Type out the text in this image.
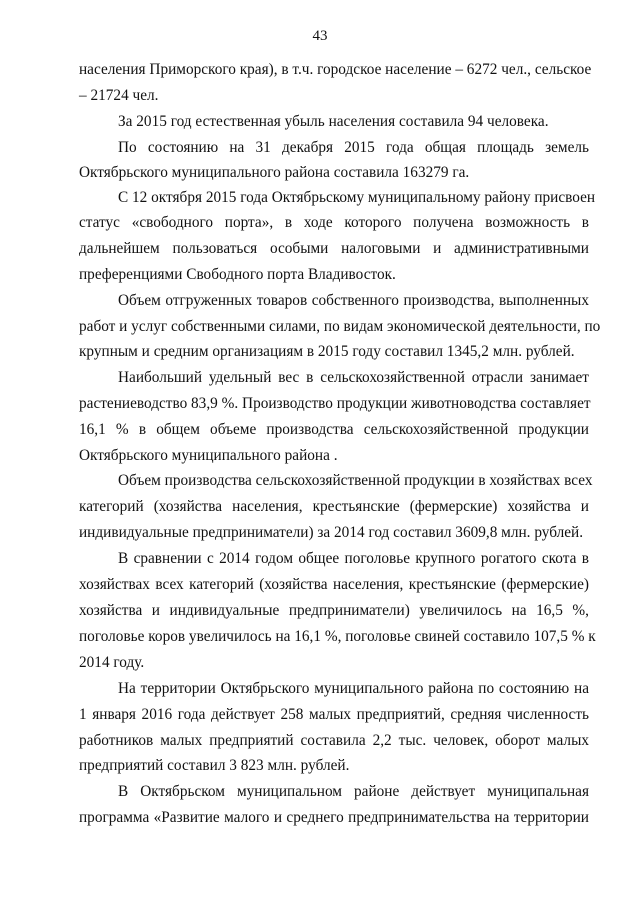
43
населения Приморского края), в т.ч. городское население – 6272 чел., сельское
– 21724 чел.
За 2015 год естественная убыль населения составила 94 человека.
По состоянию на 31 декабря 2015 года общая площадь земель
Октябрьского муниципального района составила 163279 га.
С 12 октября 2015 года Октябрьскому муниципальному району присвоен
статус «свободного порта», в ходе которого получена возможность в
дальнейшем пользоваться особыми налоговыми и административными
преференциями Свободного порта Владивосток.
Объем отгруженных товаров собственного производства, выполненных
работ и услуг собственными силами, по видам экономической деятельности, по
крупным и средним организациям в 2015 году составил 1345,2 млн. рублей.
Наибольший удельный вес в сельскохозяйственной отрасли занимает
растениеводство 83,9 %. Производство продукции животноводства составляет
16,1 % в общем объеме производства сельскохозяйственной продукции
Октябрьского муниципального района .
Объем производства сельскохозяйственной продукции в хозяйствах всех
категорий (хозяйства населения, крестьянские (фермерские) хозяйства и
индивидуальные предприниматели) за 2014 год составил 3609,8 млн. рублей.
В сравнении с 2014 годом общее поголовье крупного рогатого скота в
хозяйствах всех категорий (хозяйства населения, крестьянские (фермерские)
хозяйства и индивидуальные предприниматели) увеличилось на 16,5 %,
поголовье коров увеличилось на 16,1 %, поголовье свиней составило 107,5 % к
2014 году.
На территории Октябрьского муниципального района по состоянию на
1 января 2016 года действует 258 малых предприятий, средняя численность
работников малых предприятий составила 2,2 тыс. человек, оборот малых
предприятий составил 3 823 млн. рублей.
В Октябрьском муниципальном районе действует муниципальная
программа «Развитие малого и среднего предпринимательства на территории
